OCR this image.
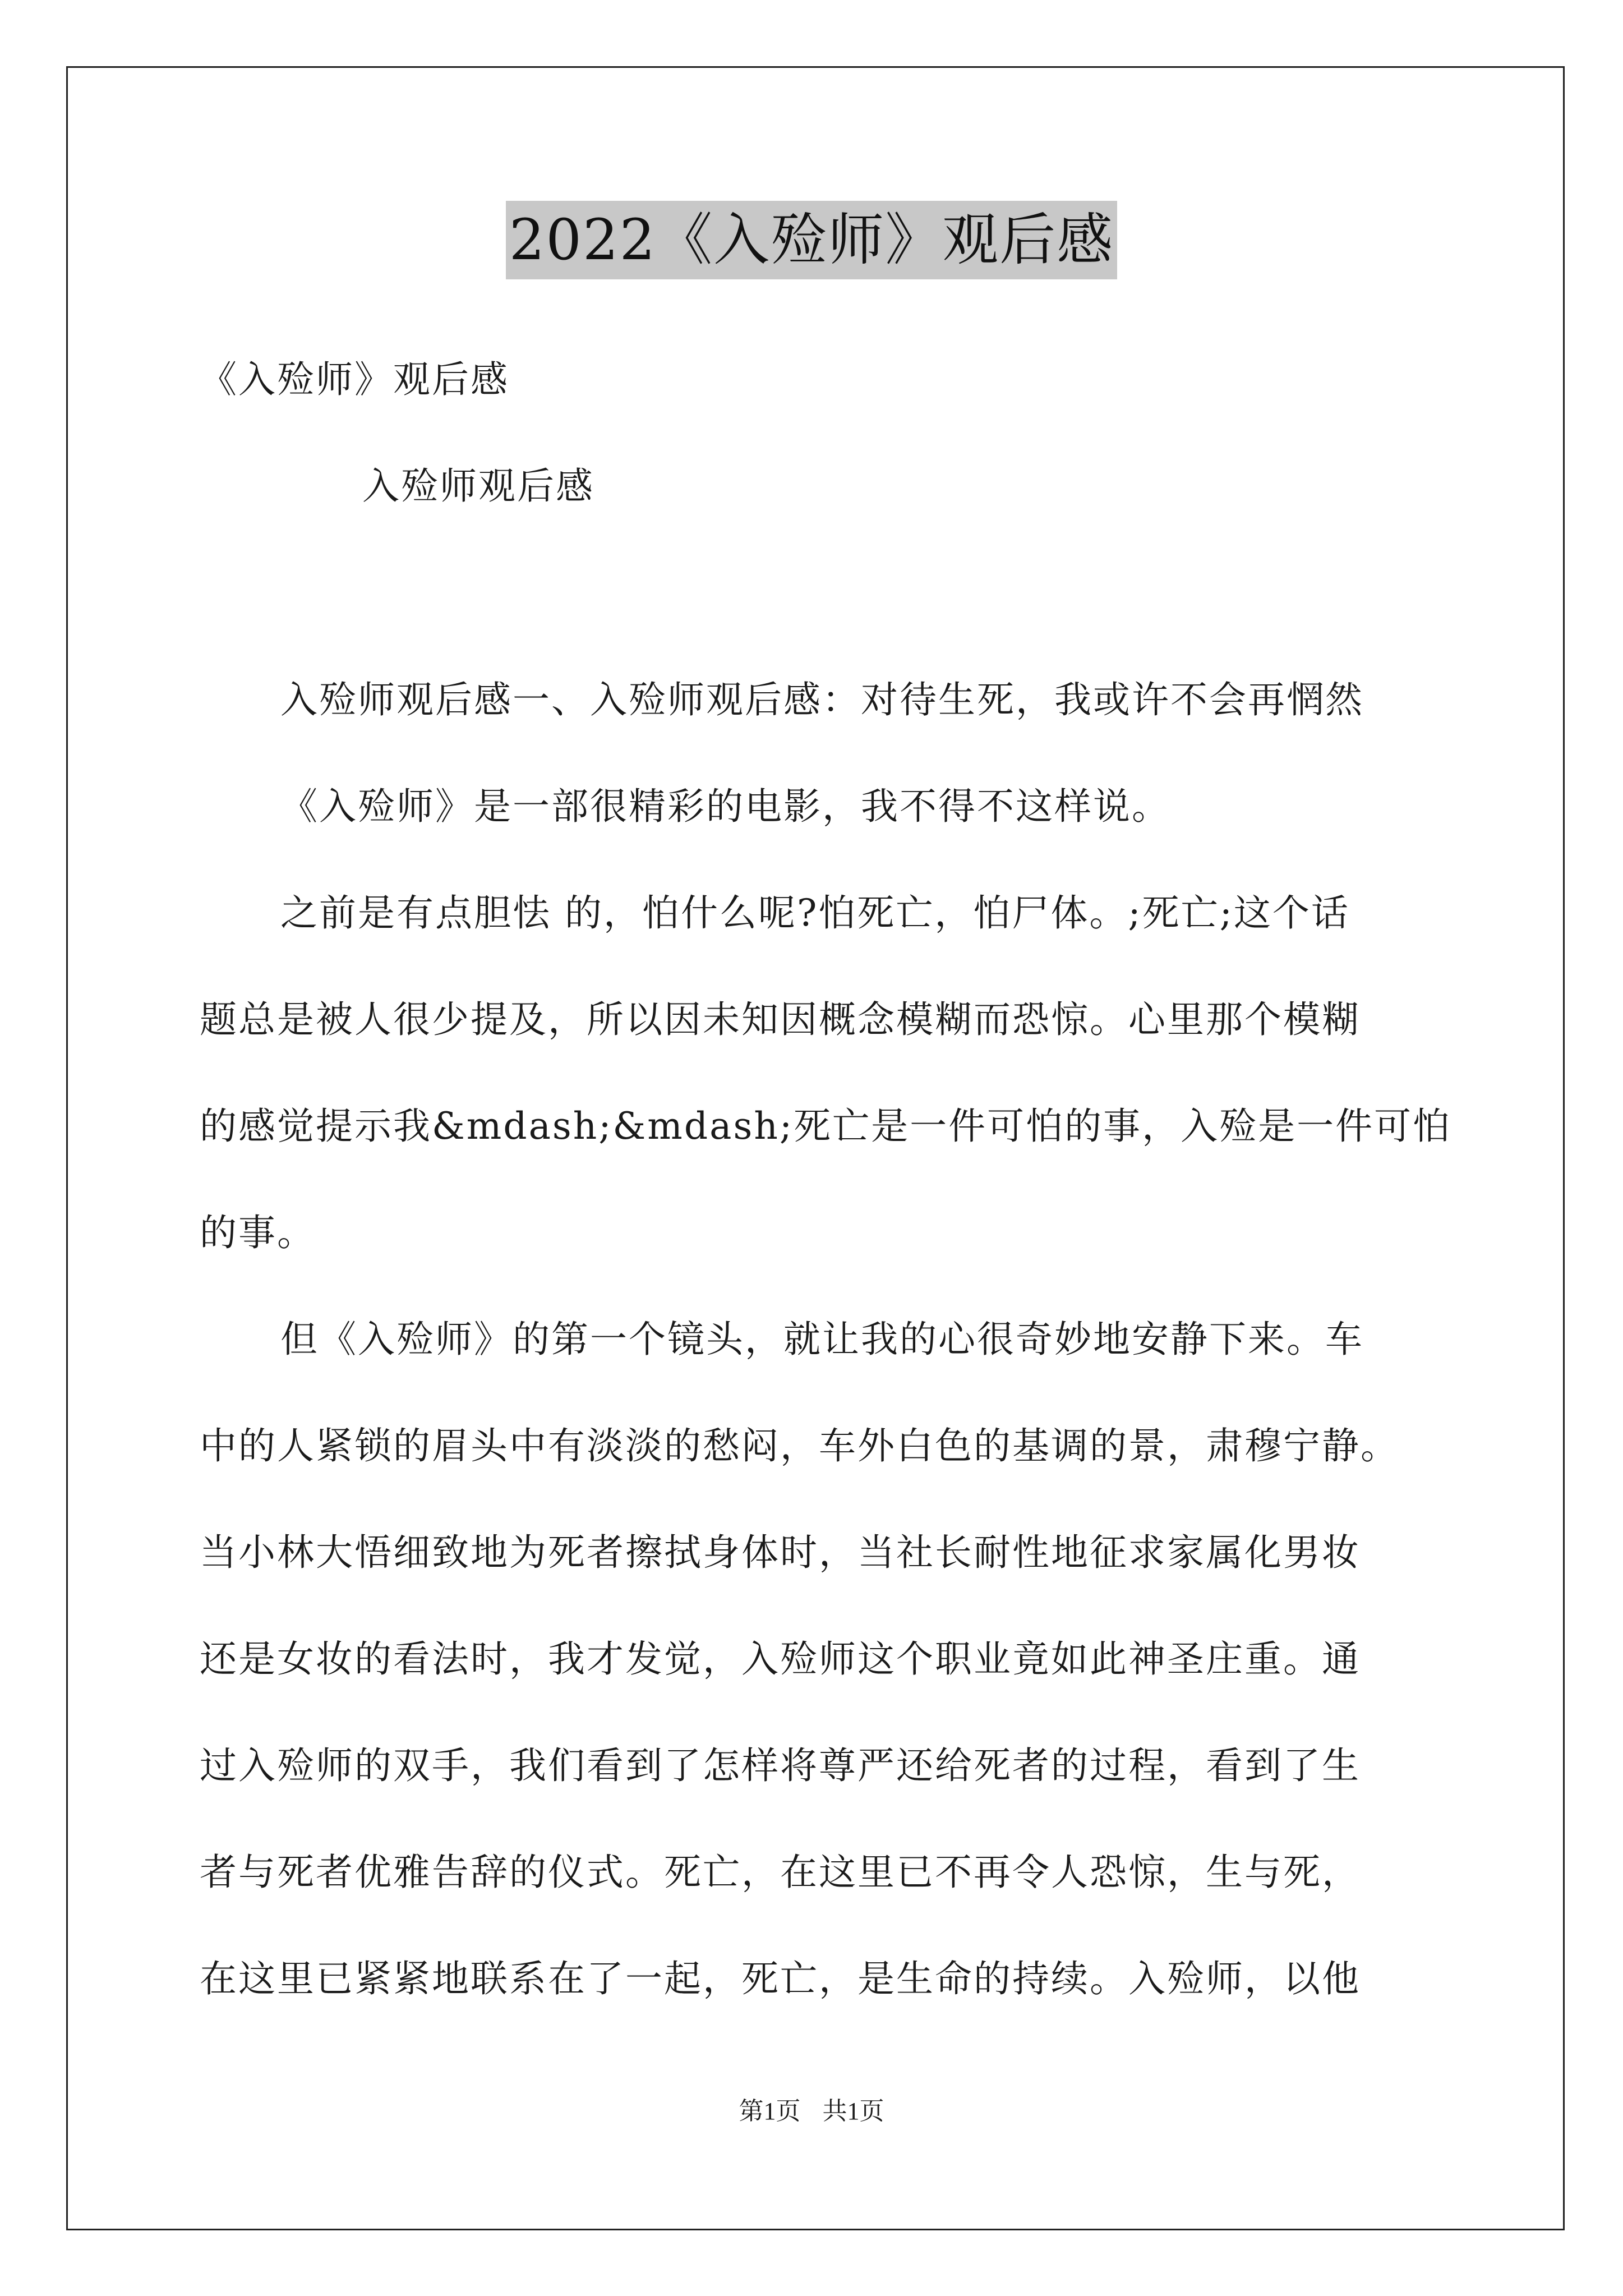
2022《入殓师》观后感
《入殓师》观后感
入殓师观后感
入殓师观后感一、入殓师观后感：对待生死，我或许不会再惘然
《入殓师》是一部很精彩的电影，我不得不这样说。
之前是有点胆怯 的，怕什么呢?怕死亡，怕尸体。;死亡;这个话
题总是被人很少提及，所以因未知因概念模糊而恐惊。心里那个模糊
的感觉提示我&mdash;&mdash;死亡是一件可怕的事，入殓是一件可怕
的事。
但《入殓师》的第一个镜头，就让我的心很奇妙地安静下来。车
中的人紧锁的眉头中有淡淡的愁闷，车外白色的基调的景，肃穆宁静。
当小林大悟细致地为死者擦拭身体时，当社长耐性地征求家属化男妆
还是女妆的看法时，我才发觉，入殓师这个职业竟如此神圣庄重。通
过入殓师的双手，我们看到了怎样将尊严还给死者的过程，看到了生
者与死者优雅告辞的仪式。死亡，在这里已不再令人恐惊，生与死，
在这里已紧紧地联系在了一起，死亡，是生命的持续。入殓师，以他
第1页 共1页
